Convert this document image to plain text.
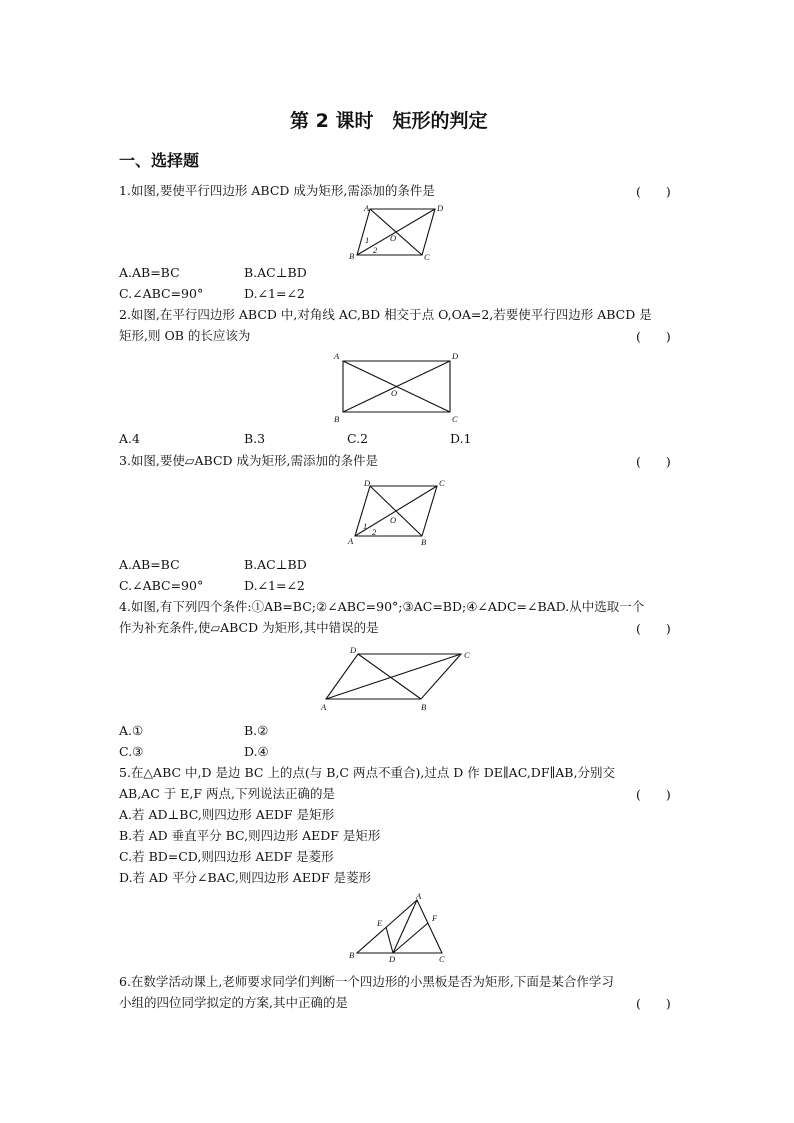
第 2 课时　矩形的判定
一、选择题
1.如图,要使平行四边形 ABCD 成为矩形,需添加的条件是	(　　)
A	D
B	C
O
1
2
A.AB=BC	B.AC⊥BD
C.∠ABC=90°	D.∠1=∠2
2.如图,在平行四边形 ABCD 中,对角线 AC,BD 相交于点 O,OA=2,若要使平行四边形 ABCD 是
矩形,则 OB 的长应该为	(　　)
A	D
B	C
O
A.4	B.3	C.2	D.1
3.如图,要使▱ABCD 成为矩形,需添加的条件是	(　　)
D	C
A	B
O
1
2
A.AB=BC	B.AC⊥BD
C.∠ABC=90°	D.∠1=∠2
4.如图,有下列四个条件:①AB=BC;②∠ABC=90°;③AC=BD;④∠ADC=∠BAD.从中选取一个
作为补充条件,使▱ABCD 为矩形,其中错误的是	(　　)
D	C
A	B
A.①	B.②
C.③	D.④
5.在△ABC 中,D 是边 BC 上的点(与 B,C 两点不重合),过点 D 作 DE∥AC,DF∥AB,分别交
AB,AC 于 E,F 两点,下列说法正确的是	(　　)
A.若 AD⊥BC,则四边形 AEDF 是矩形
B.若 AD 垂直平分 BC,则四边形 AEDF 是矩形
C.若 BD=CD,则四边形 AEDF 是菱形
D.若 AD 平分∠BAC,则四边形 AEDF 是菱形
A
B	C
D
E	F
6.在数学活动课上,老师要求同学们判断一个四边形的小黑板是否为矩形,下面是某合作学习
小组的四位同学拟定的方案,其中正确的是	(　　)
